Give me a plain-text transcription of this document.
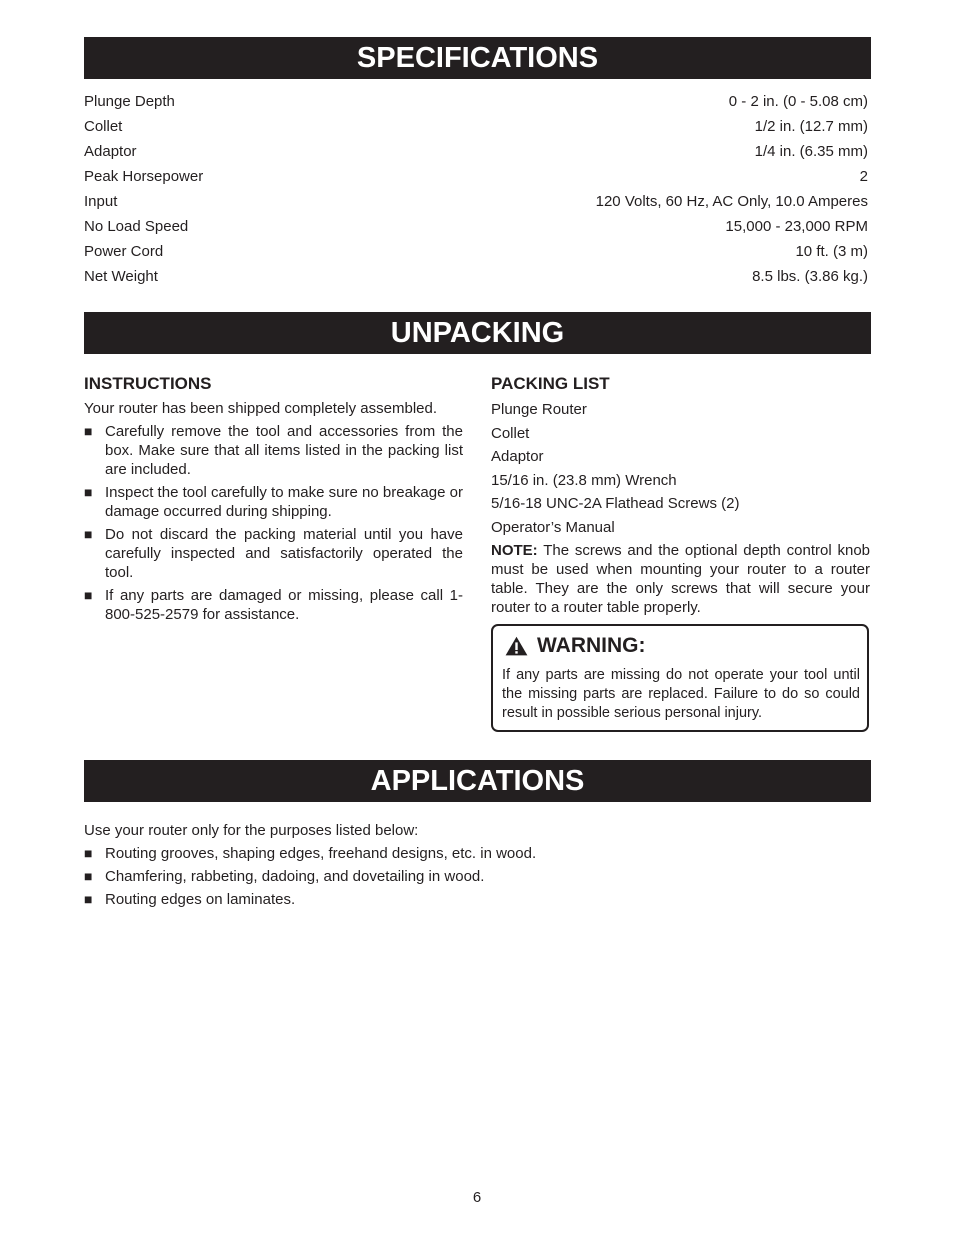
SPECIFICATIONS
Plunge Depth	0 - 2 in. (0 - 5.08 cm)
Collet	1/2 in. (12.7 mm)
Adaptor	1/4 in. (6.35 mm)
Peak Horsepower	2
Input	120 Volts, 60 Hz, AC Only, 10.0 Amperes
No Load Speed	15,000 - 23,000 RPM
Power Cord	10 ft. (3 m)
Net Weight	8.5 lbs. (3.86 kg.)
UNPACKING
INSTRUCTIONS
Your router has been shipped completely assembled.
■ Carefully remove the tool and accessories from the box. Make sure that all items listed in the packing list are included.
■ Inspect the tool carefully to make sure no breakage or damage occurred during shipping.
■ Do not discard the packing material until you have carefully inspected and satisfactorily operated the tool.
■ If any parts are damaged or missing, please call 1-800-525-2579 for assistance.
PACKING LIST
Plunge Router
Collet
Adaptor
15/16 in. (23.8 mm) Wrench
5/16-18 UNC-2A Flathead Screws (2)
Operator’s Manual
NOTE: The screws and the optional depth control knob must be used when mounting your router to a router table. They are the only screws that will secure your router to a router table properly.
WARNING:
If any parts are missing do not operate your tool until the missing parts are replaced. Failure to do so could result in possible serious personal injury.
APPLICATIONS
Use your router only for the purposes listed below:
■ Routing grooves, shaping edges, freehand designs, etc. in wood.
■ Chamfering, rabbeting, dadoing, and dovetailing in wood.
■ Routing edges on laminates.
6
